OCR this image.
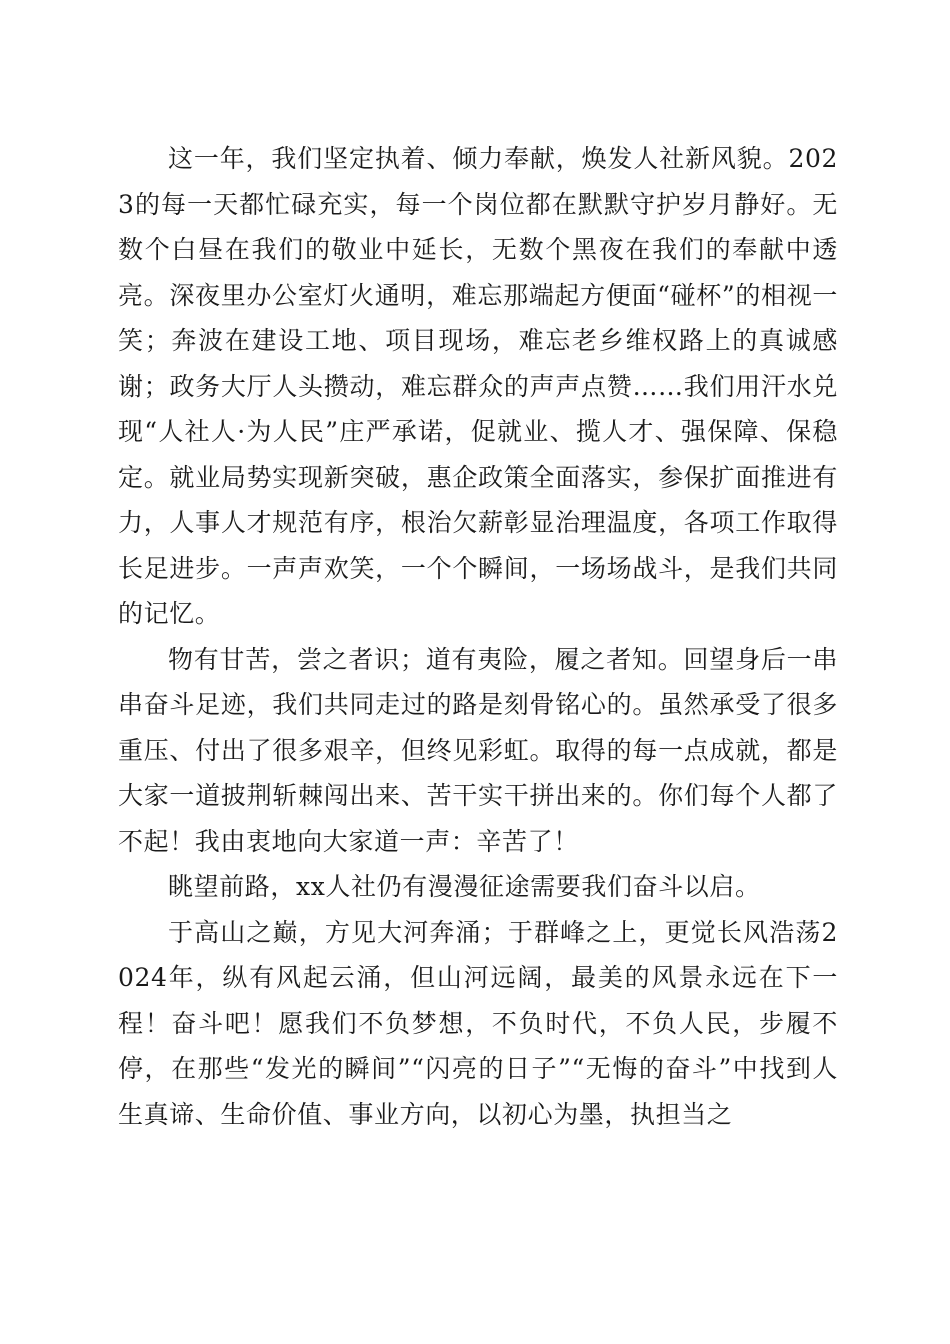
这一年，我们坚定执着、倾力奉献，焕发人社新风貌。2023的每一天都忙碌充实，每一个岗位都在默默守护岁月静好。无数个白昼在我们的敬业中延长，无数个黑夜在我们的奉献中透亮。深夜里办公室灯火通明，难忘那端起方便面“碰杯”的相视一笑；奔波在建设工地、项目现场，难忘老乡维权路上的真诚感谢；政务大厅人头攒动，难忘群众的声声点赞……我们用汗水兑现“人社人·为人民”庄严承诺，促就业、揽人才、强保障、保稳定。就业局势实现新突破，惠企政策全面落实，参保扩面推进有力，人事人才规范有序，根治欠薪彰显治理温度，各项工作取得长足进步。一声声欢笑，一个个瞬间，一场场战斗，是我们共同的记忆。

物有甘苦，尝之者识；道有夷险，履之者知。回望身后一串串奋斗足迹，我们共同走过的路是刻骨铭心的。虽然承受了很多重压、付出了很多艰辛，但终见彩虹。取得的每一点成就，都是大家一道披荆斩棘闯出来、苦干实干拼出来的。你们每个人都了不起！我由衷地向大家道一声：辛苦了！

眺望前路，xx人社仍有漫漫征途需要我们奋斗以启。

于高山之巅，方见大河奔涌；于群峰之上，更觉长风浩荡2024年，纵有风起云涌，但山河远阔，最美的风景永远在下一程！奋斗吧！愿我们不负梦想，不负时代，不负人民，步履不停，在那些“发光的瞬间”“闪亮的日子”“无悔的奋斗”中找到人生真谛、生命价值、事业方向，以初心为墨，执担当之
